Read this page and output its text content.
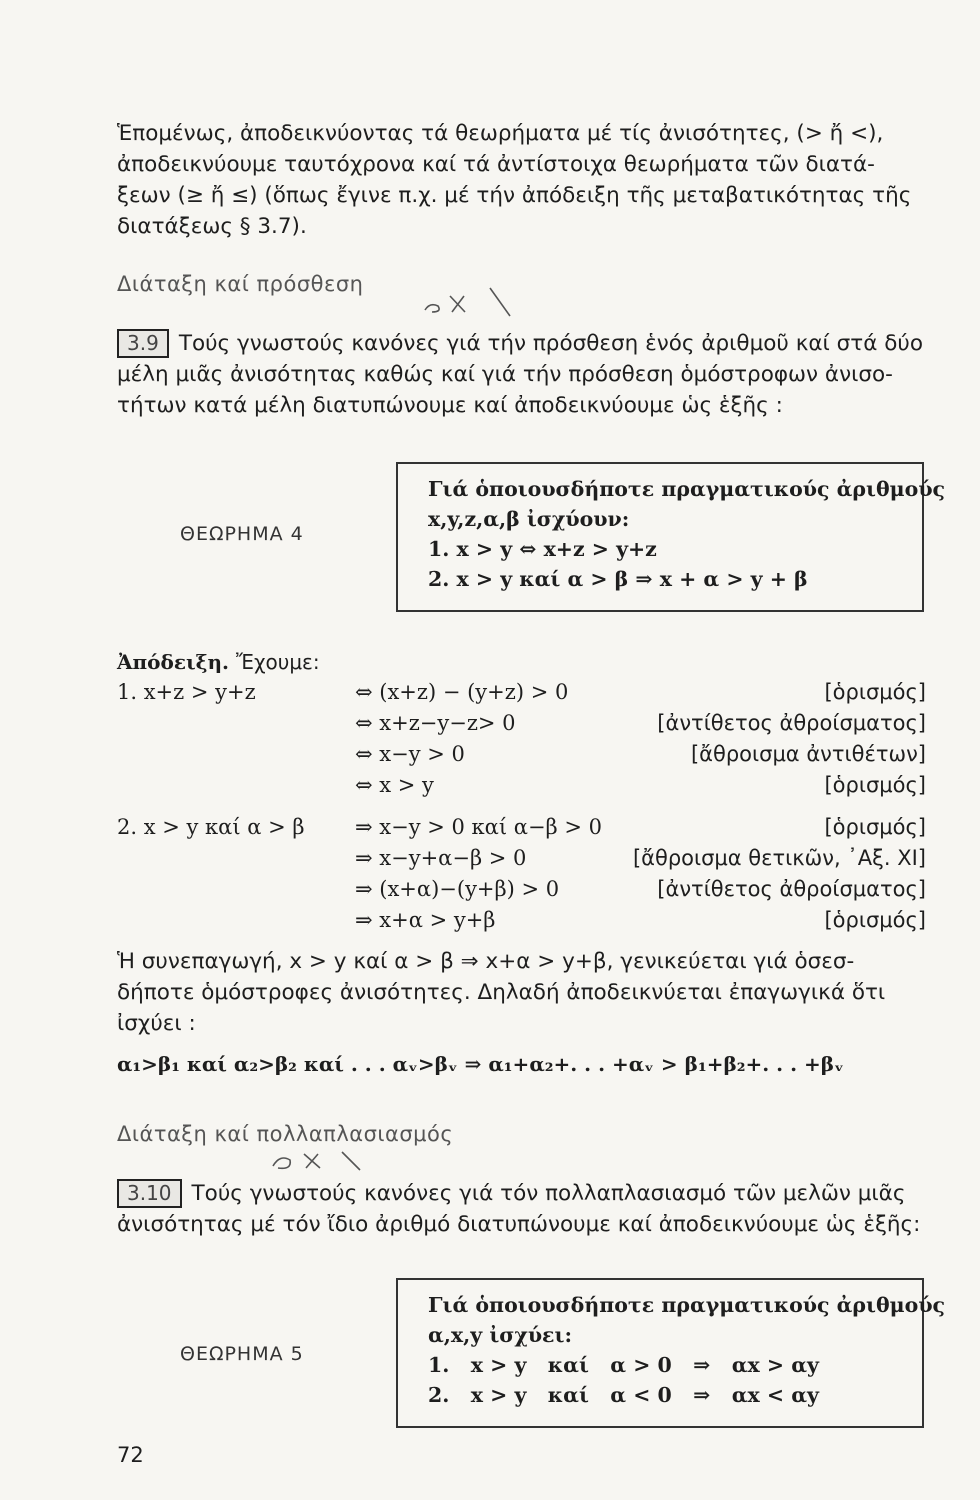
Ἑπομένως, ἀποδεικνύοντας τά θεωρήματα μέ τίς ἀνισότητες, (> ἤ <),
ἀποδεικνύουμε ταυτόχρονα καί τά ἀντίστοιχα θεωρήματα τῶν διατά-
ξεων (≥ ἤ ≤) (ὅπως ἔγινε π.χ. μέ τήν ἀπόδειξη τῆς μεταβατικότητας τῆς
διατάξεως § 3.7).
Διάταξη καί πρόσθεση
3.9 Τούς γνωστούς κανόνες γιά τήν πρόσθεση ἑνός ἀριθμοῦ καί στά δύο
μέλη μιᾶς ἀνισότητας καθώς καί γιά τήν πρόσθεση ὁμόστροφων ἀνισο-
τήτων κατά μέλη διατυπώνουμε καί ἀποδεικνύουμε ὡς ἑξῆς :
ΘΕΩΡΗΜΑ 4
Γιά ὁποιουσδήποτε πραγματικούς ἀριθμούς
x,y,z,α,β ἰσχύουν:
1. x > y ⇔ x+z > y+z
2. x > y καί α > β ⇒ x + α > y + β
Ἀπόδειξη. Ἔχουμε:
1. x+z > y+z	⇔ (x+z) − (y+z) > 0	[ὁρισμός]
⇔ x+z−y−z> 0	[ἀντίθετος ἀθροίσματος]
⇔ x−y > 0	[ἄθροισμα ἀντιθέτων]
⇔ x > y	[ὁρισμός]
2. x > y καί α > β ⇒ x−y > 0 καί α−β > 0	[ὁρισμός]
⇒ x−y+α−β > 0	[ἄθροισμα θετικῶν, ᾽Αξ. XI]
⇒ (x+α)−(y+β) > 0	[ἀντίθετος ἀθροίσματος]
⇒ x+α > y+β	[ὁρισμός]
Ἡ συνεπαγωγή, x > y καί α > β ⇒ x+α > y+β, γενικεύεται γιά ὁσεσ-
δήποτε ὁμόστροφες ἀνισότητες. Δηλαδή ἀποδεικνύεται ἐπαγωγικά ὅτι
ἰσχύει :
α₁>β₁ καί α₂>β₂ καί . . . αᵥ>βᵥ ⇒ α₁+α₂+. . . +αᵥ > β₁+β₂+. . . +βᵥ
Διάταξη καί πολλαπλασιασμός
3.10 Τούς γνωστούς κανόνες γιά τόν πολλαπλασιασμό τῶν μελῶν μιᾶς
ἀνισότητας μέ τόν ἴδιο ἀριθμό διατυπώνουμε καί ἀποδεικνύουμε ὡς ἑξῆς:
ΘΕΩΡΗΜΑ 5
Γιά ὁποιουσδήποτε πραγματικούς ἀριθμούς
α,x,y ἰσχύει:
1.   x > y   καί   α > 0   ⇒   αx > αy
2.   x > y   καί   α < 0   ⇒   αx < αy
72
